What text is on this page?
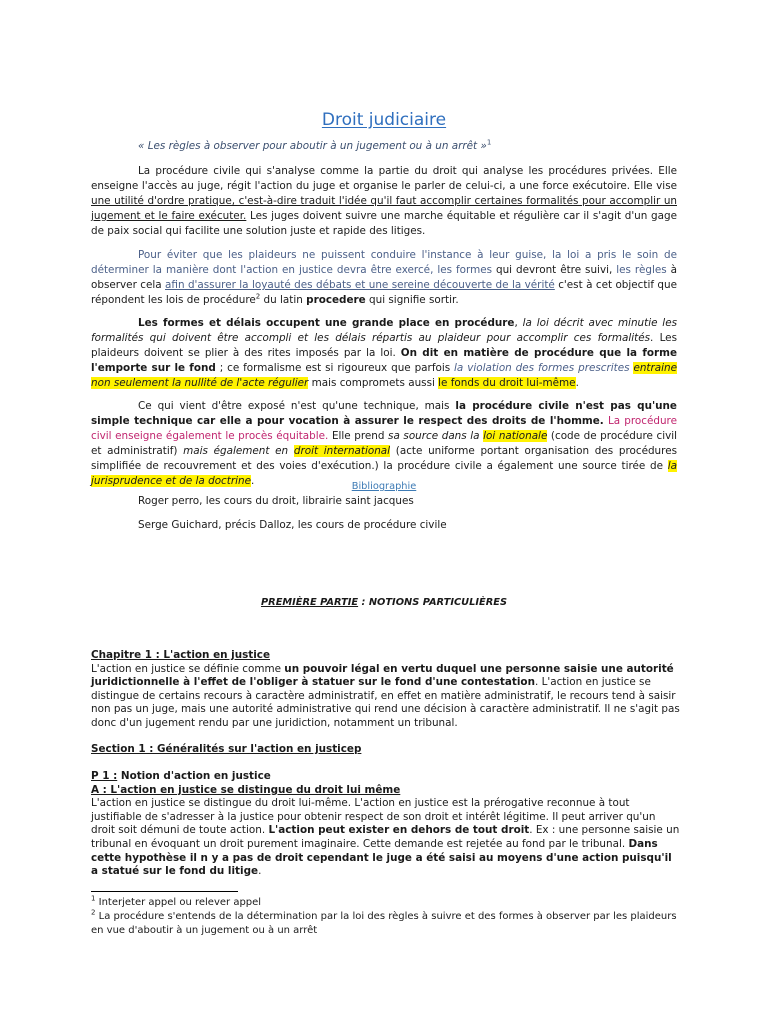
Droit judiciaire

« Les règles à observer pour aboutir à un jugement ou à un arrêt »$^1$

La procédure civile qui s'analyse comme la partie du droit qui analyse les procédures privées. Elle enseigne l'accès au juge, régit l'action du juge et organise le parler de celui-ci, a une force exécutoire. Elle vise une utilité d'ordre pratique, c'est-à-dire traduit l'idée qu'il faut accomplir certaines formalités pour accomplir un jugement et le faire exécuter. Les juges doivent suivre une marche équitable et régulière car il s'agit d'un gage de paix social qui facilite une solution juste et rapide des litiges.

Pour éviter que les plaideurs ne puissent conduire l'instance à leur guise, la loi a pris le soin de déterminer la manière dont l'action en justice devra être exercé, les formes qui devront être suivi, les règles à observer cela afin d'assurer la loyauté des débats et une sereine découverte de la vérité c'est à cet objectif que répondent les lois de procédure$^2$ du latin procedere qui signifie sortir.

Les formes et délais occupent une grande place en procédure, la loi décrit avec minutie les formalités qui doivent être accompli et les délais répartis au plaideur pour accomplir ces formalités. Les plaideurs doivent se plier à des rites imposés par la loi. On dit en matière de procédure que la forme l'emporte sur le fond ; ce formalisme est si rigoureux que parfois la violation des formes prescrites entraine non seulement la nullité de l'acte régulier mais compromets aussi le fonds du droit lui-même.

Ce qui vient d'être exposé n'est qu'une technique, mais la procédure civile n'est pas qu'une simple technique car elle a pour vocation à assurer le respect des droits de l'homme. La procédure civil enseigne également le procès équitable. Elle prend sa source dans la loi nationale (code de procédure civil et administratif) mais également en droit international (acte uniforme portant organisation des procédures simplifiée de recouvrement et des voies d'exécution.) la procédure civile a également une source tirée de la jurisprudence et de la doctrine.	Bibliographie

Roger perro, les cours du droit, librairie saint jacques

Serge Guichard, précis Dalloz, les cours de procédure civile

PREMIÈRE PARTIE : NOTIONS PARTICULIÈRES

Chapitre 1 : L'action en justice
L'action en justice se définie comme un pouvoir légal en vertu duquel une personne saisie une autorité juridictionnelle à l'effet de l'obliger à statuer sur le fond d'une contestation. L'action en justice se distingue de certains recours à caractère administratif, en effet en matière administratif, le recours tend à saisir non pas un juge, mais une autorité administrative qui rend une décision à caractère administratif. Il ne s'agit pas donc d'un jugement rendu par une juridiction, notamment un tribunal.
Section 1 : Généralités sur l'action en justicep
P 1 : Notion d'action en justice
A : L'action en justice se distingue du droit lui même
L'action en justice se distingue du droit lui-même. L'action en justice est la prérogative reconnue à tout justifiable de s'adresser à la justice pour obtenir respect de son droit et intérêt légitime. Il peut arriver qu'un droit soit démuni de toute action. L'action peut exister en dehors de tout droit. Ex : une personne saisie un tribunal en évoquant un droit purement imaginaire. Cette demande est rejetée au fond par le tribunal. Dans cette hypothèse il n y a pas de droit cependant le juge a été saisi au moyens d'une action puisqu'il a statué sur le fond du litige.

$^1$ Interjeter appel ou relever appel

$^2$ La procédure s'entends de la détermination par la loi des règles à suivre et des formes à observer par les plaideurs en vue d'aboutir à un jugement ou à un arrêt
